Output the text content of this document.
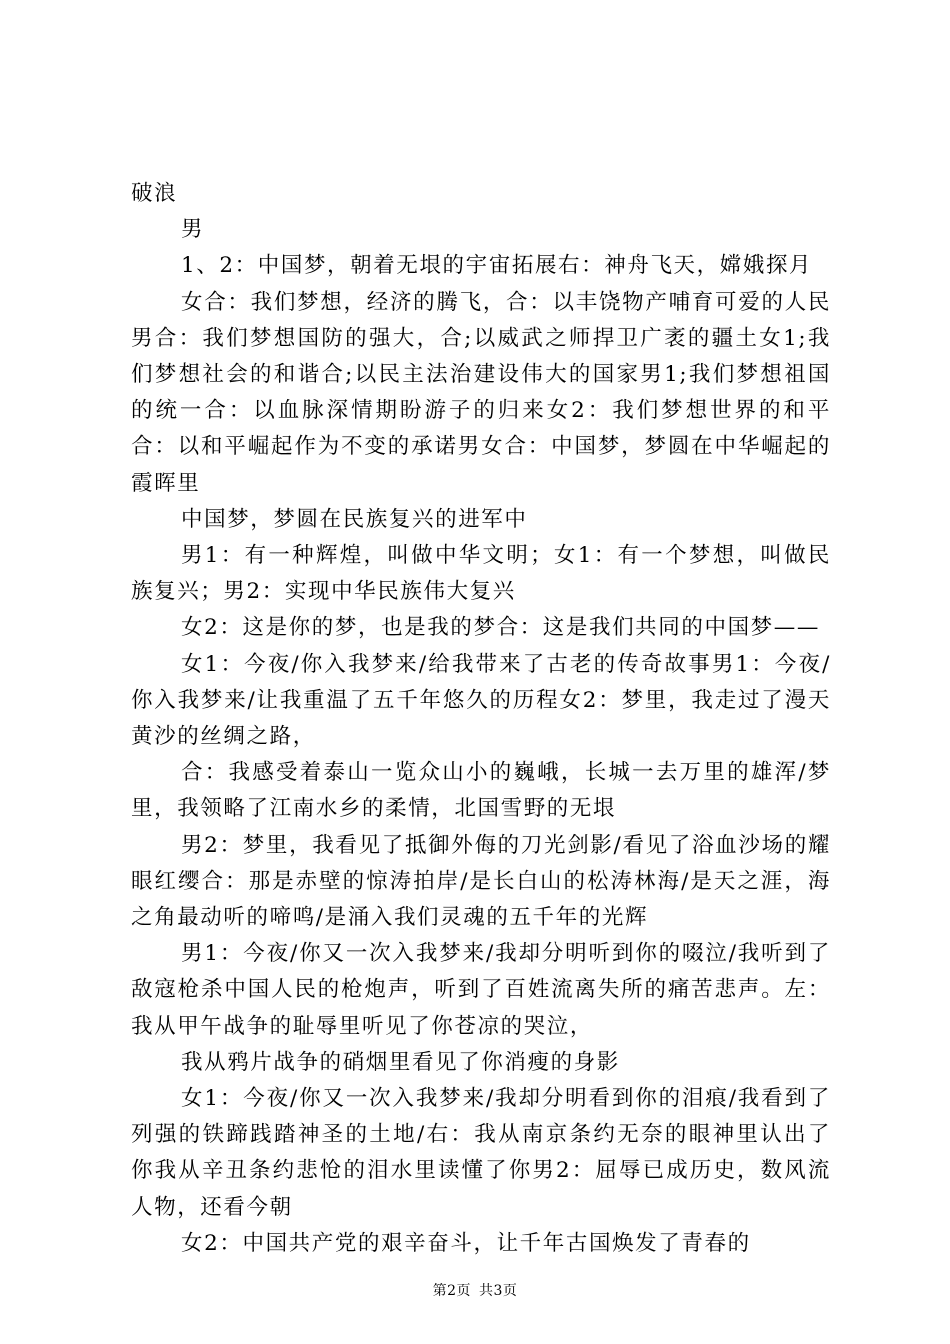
破浪

男

1、2：中国梦，朝着无垠的宇宙拓展右：神舟飞天，嫦娥探月

女合：我们梦想，经济的腾飞，合：以丰饶物产哺育可爱的人民男合：我们梦想国防的强大，合;以威武之师捍卫广袤的疆土女1;我们梦想社会的和谐合;以民主法治建设伟大的国家男1;我们梦想祖国的统一合：以血脉深情期盼游子的归来女2：我们梦想世界的和平合：以和平崛起作为不变的承诺男女合：中国梦，梦圆在中华崛起的霞晖里

中国梦，梦圆在民族复兴的进军中

男1：有一种辉煌，叫做中华文明；女1：有一个梦想，叫做民族复兴；男2：实现中华民族伟大复兴

女2：这是你的梦，也是我的梦合：这是我们共同的中国梦——

女1：今夜/你入我梦来/给我带来了古老的传奇故事男1：今夜/你入我梦来/让我重温了五千年悠久的历程女2：梦里，我走过了漫天黄沙的丝绸之路，

合：我感受着泰山一览众山小的巍峨，长城一去万里的雄浑/梦里，我领略了江南水乡的柔情，北国雪野的无垠

男2：梦里，我看见了抵御外侮的刀光剑影/看见了浴血沙场的耀眼红缨合：那是赤壁的惊涛拍岸/是长白山的松涛林海/是天之涯，海之角最动听的啼鸣/是涌入我们灵魂的五千年的光辉

男1：今夜/你又一次入我梦来/我却分明听到你的啜泣/我听到了敌寇枪杀中国人民的枪炮声，听到了百姓流离失所的痛苦悲声。左：我从甲午战争的耻辱里听见了你苍凉的哭泣，

我从鸦片战争的硝烟里看见了你消瘦的身影

女1：今夜/你又一次入我梦来/我却分明看到你的泪痕/我看到了列强的铁蹄践踏神圣的土地/右：我从南京条约无奈的眼神里认出了你我从辛丑条约悲怆的泪水里读懂了你男2：屈辱已成历史，数风流人物，还看今朝

女2：中国共产党的艰辛奋斗，让千年古国焕发了青春的

第2页 共3页
